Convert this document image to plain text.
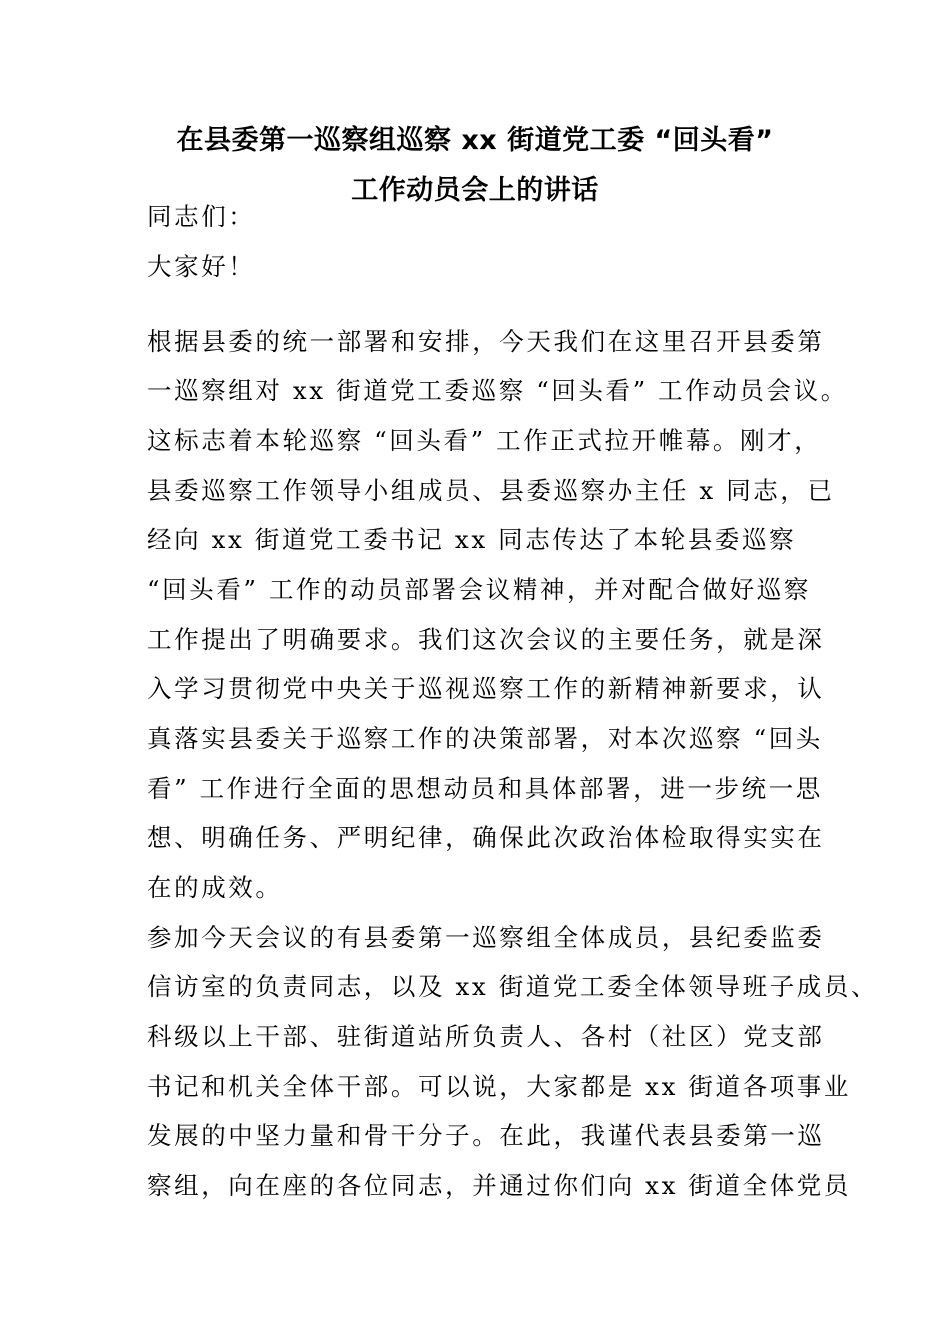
在县委第一巡察组巡察 xx 街道党工委 “回头看”
工作动员会上的讲话
同志们：
大家好！
根据县委的统一部署和安排，今天我们在这里召开县委第
一巡察组对 xx 街道党工委巡察 “回头看” 工作动员会议。
这标志着本轮巡察 “回头看” 工作正式拉开帷幕。刚才，
县委巡察工作领导小组成员、县委巡察办主任 x 同志，已
经向 xx 街道党工委书记 xx 同志传达了本轮县委巡察
“回头看” 工作的动员部署会议精神，并对配合做好巡察
工作提出了明确要求。我们这次会议的主要任务，就是深
入学习贯彻党中央关于巡视巡察工作的新精神新要求，认
真落实县委关于巡察工作的决策部署，对本次巡察 “回头
看” 工作进行全面的思想动员和具体部署，进一步统一思
想、明确任务、严明纪律，确保此次政治体检取得实实在
在的成效。
参加今天会议的有县委第一巡察组全体成员，县纪委监委
信访室的负责同志，以及 xx 街道党工委全体领导班子成员、
科级以上干部、驻街道站所负责人、各村（社区）党支部
书记和机关全体干部。可以说，大家都是 xx 街道各项事业
发展的中坚力量和骨干分子。在此，我谨代表县委第一巡
察组，向在座的各位同志，并通过你们向 xx 街道全体党员
